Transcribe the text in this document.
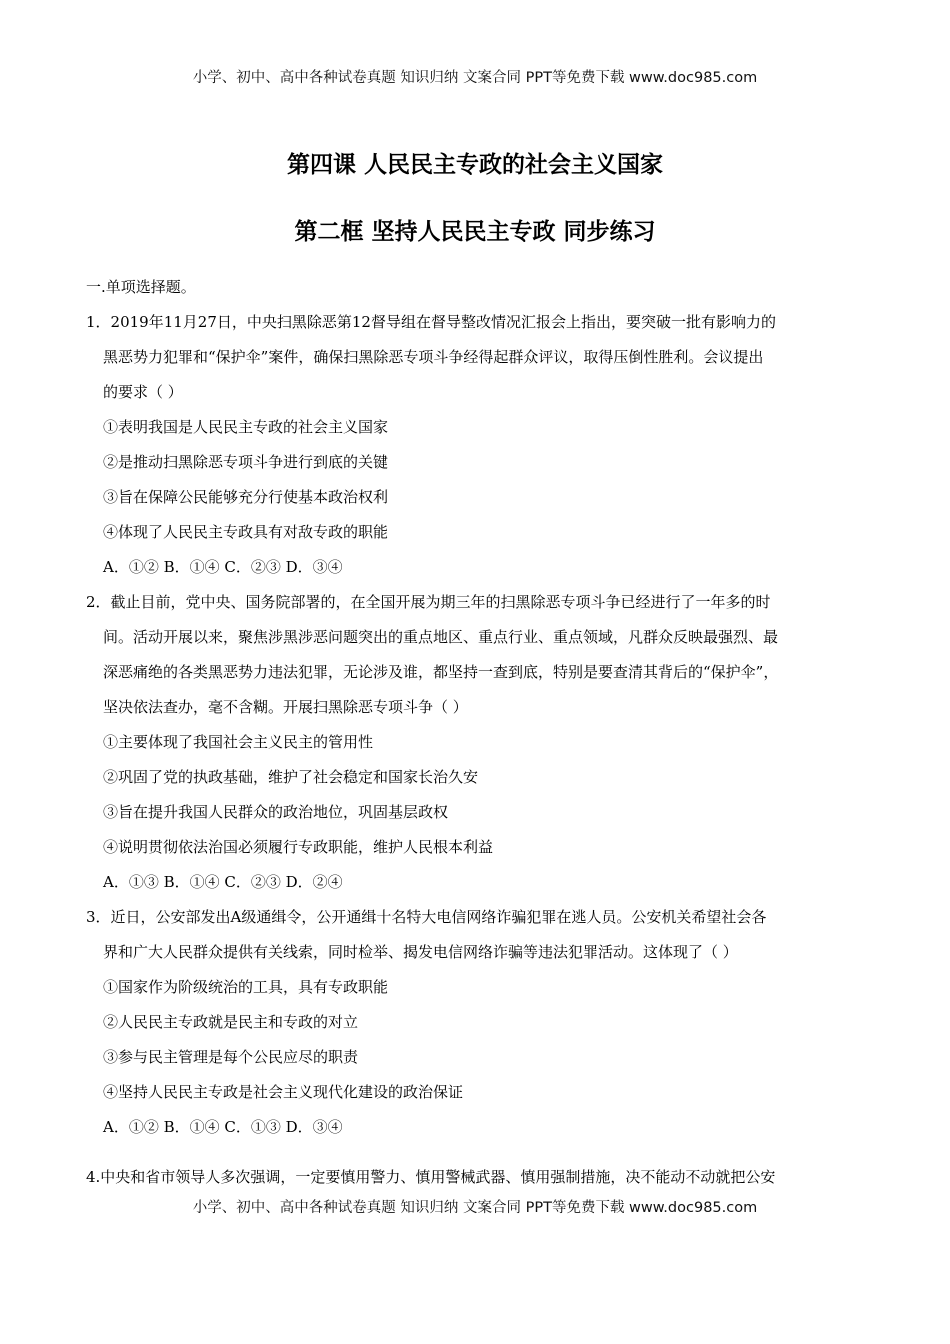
小学、初中、高中各种试卷真题 知识归纳 文案合同 PPT等免费下载 www.doc985.com
第四课 人民民主专政的社会主义国家
第二框 坚持人民民主专政 同步练习
一.单项选择题。
1．2019年11月27日，中央扫黑除恶第12督导组在督导整改情况汇报会上指出，要突破一批有影响力的
黑恶势力犯罪和“保护伞”案件，确保扫黑除恶专项斗争经得起群众评议，取得压倒性胜利。会议提出
的要求（ ）
①表明我国是人民民主专政的社会主义国家
②是推动扫黑除恶专项斗争进行到底的关键
③旨在保障公民能够充分行使基本政治权利
④体现了人民民主专政具有对敌专政的职能
A．①② B．①④ C．②③ D．③④
2．截止目前，党中央、国务院部署的，在全国开展为期三年的扫黑除恶专项斗争已经进行了一年多的时
间。活动开展以来，聚焦涉黑涉恶问题突出的重点地区、重点行业、重点领域，凡群众反映最强烈、最
深恶痛绝的各类黑恶势力违法犯罪，无论涉及谁，都坚持一查到底，特别是要查清其背后的“保护伞”，
坚决依法查办，毫不含糊。开展扫黑除恶专项斗争（ ）
①主要体现了我国社会主义民主的管用性
②巩固了党的执政基础，维护了社会稳定和国家长治久安
③旨在提升我国人民群众的政治地位，巩固基层政权
④说明贯彻依法治国必须履行专政职能，维护人民根本利益
A．①③ B．①④ C．②③ D．②④
3．近日，公安部发出A级通缉令，公开通缉十名特大电信网络诈骗犯罪在逃人员。公安机关希望社会各
界和广大人民群众提供有关线索，同时检举、揭发电信网络诈骗等违法犯罪活动。这体现了（ ）
①国家作为阶级统治的工具，具有专政职能
②人民民主专政就是民主和专政的对立
③参与民主管理是每个公民应尽的职责
④坚持人民民主专政是社会主义现代化建设的政治保证
A．①② B．①④ C．①③ D．③④
4.中央和省市领导人多次强调，一定要慎用警力、慎用警械武器、慎用强制措施，决不能动不动就把公安
小学、初中、高中各种试卷真题 知识归纳 文案合同 PPT等免费下载 www.doc985.com
